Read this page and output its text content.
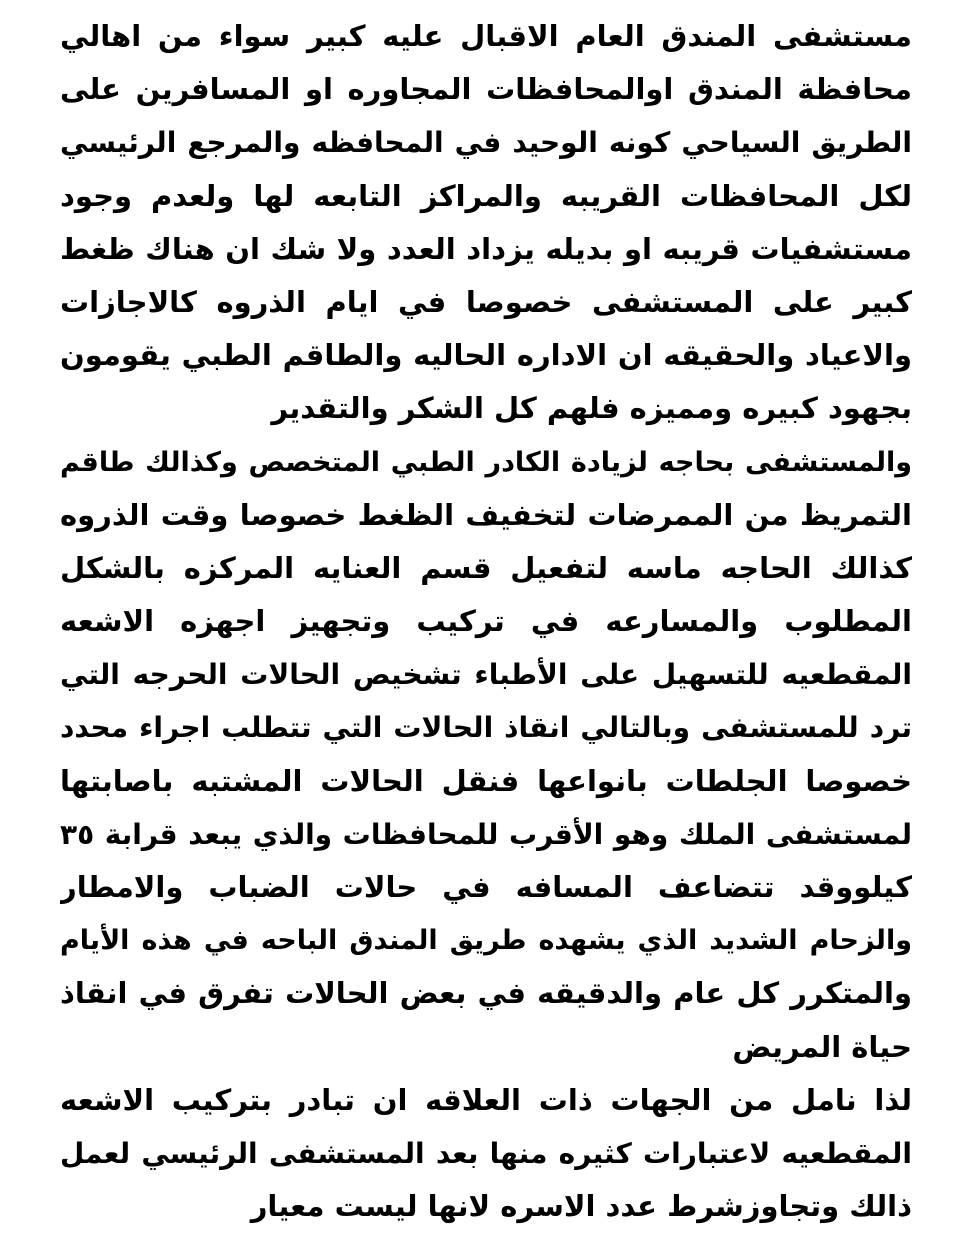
مستشفى المندق العام الاقبال عليه كبير سواء من اهالي
محافظة المندق اوالمحافظات المجاوره او المسافرين على
الطريق السياحي كونه الوحيد في المحافظه والمرجع الرئيسي
لكل المحافظات القريبه والمراكز التابعه لها ولعدم وجود
مستشفيات قريبه او بديله يزداد العدد ولا شك ان هناك ظغط
كبير على المستشفى خصوصا في ايام الذروه كالاجازات
والاعياد والحقيقه ان الاداره الحاليه والطاقم الطبي يقومون
بجهود كبيره ومميزه فلهم كل الشكر والتقدير
والمستشفى بحاجه لزيادة الكادر الطبي المتخصص وكذالك طاقم
التمريظ من الممرضات لتخفيف الظغط خصوصا وقت الذروه
كذالك الحاجه ماسه لتفعيل قسم العنايه المركزه بالشكل
المطلوب والمسارعه في تركيب وتجهيز اجهزه الاشعه
المقطعيه للتسهيل على الأطباء تشخيص الحالات الحرجه التي
ترد للمستشفى وبالتالي انقاذ الحالات التي تتطلب اجراء محدد
خصوصا الجلطات بانواعها فنقل الحالات المشتبه باصابتها
لمستشفى الملك وهو الأقرب للمحافظات والذي يبعد قرابة ٣٥
كيلووقد تتضاعف المسافه في حالات الضباب والامطار
والزحام الشديد الذي يشهده طريق المندق الباحه في هذه الأيام
والمتكرر كل عام والدقيقه في بعض الحالات تفرق في انقاذ
حياة المريض
لذا نامل من الجهات ذات العلاقه ان تبادر بتركيب الاشعه
المقطعيه لاعتبارات كثيره منها بعد المستشفى الرئيسي لعمل
ذالك وتجاوزشرط عدد الاسره لانها ليست معيار
